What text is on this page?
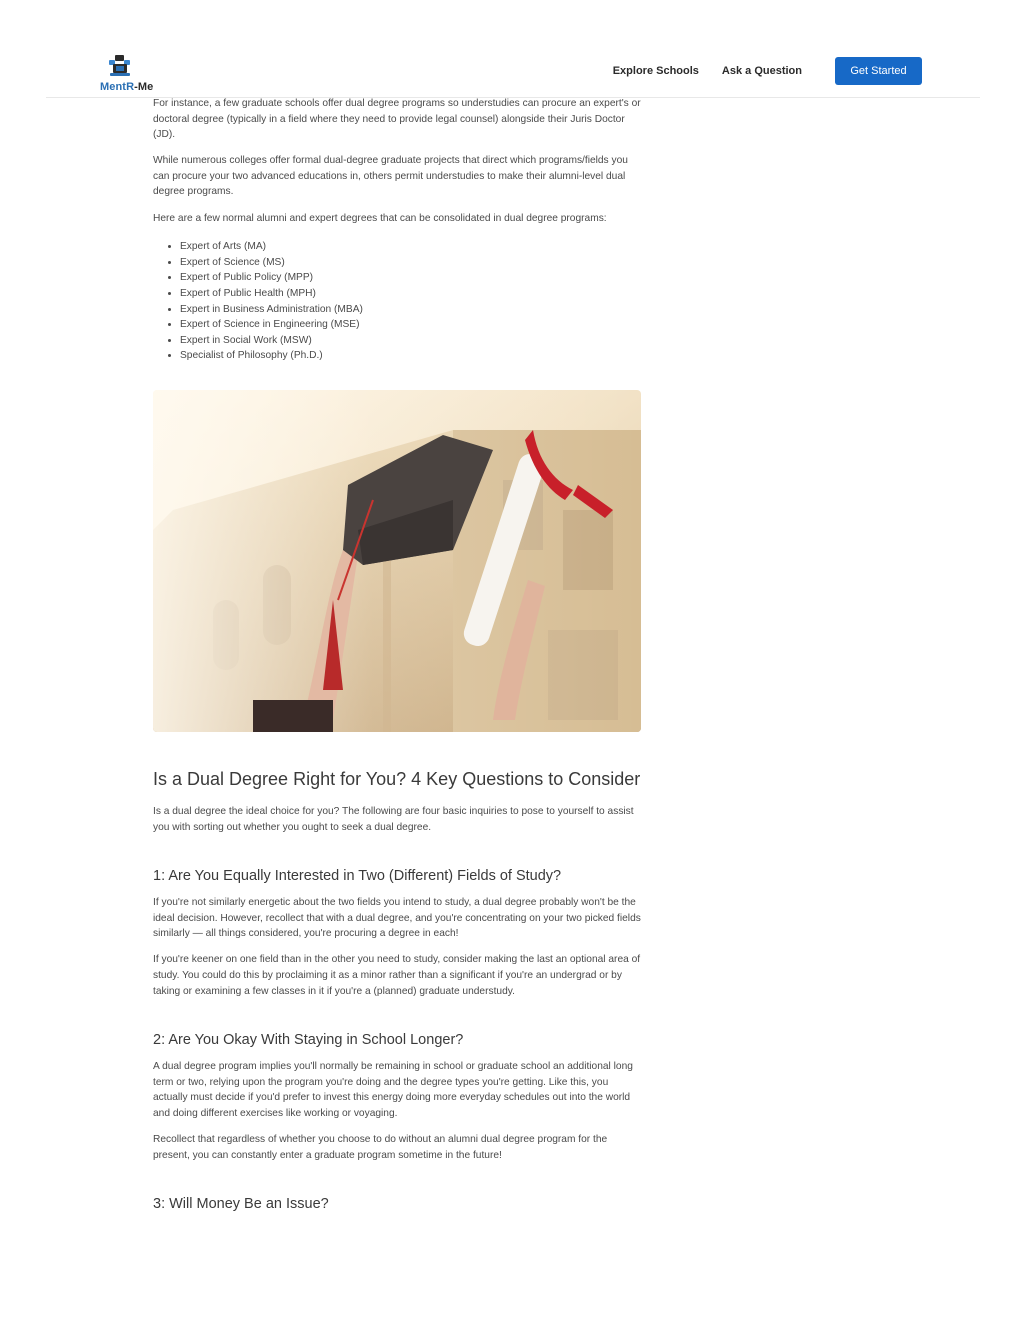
MentR-Me
Explore Schools Ask a Question	Get Started

For instance, a few graduate schools offer dual degree programs so understudies can procure an expert's or doctoral degree (typically in a field where they need to provide legal counsel) alongside their Juris Doctor (JD).

While numerous colleges offer formal dual-degree graduate projects that direct which programs/fields you can procure your two advanced educations in, others permit understudies to make their alumni-level dual degree programs.

Here are a few normal alumni and expert degrees that can be consolidated in dual degree programs:

• Expert of Arts (MA)
• Expert of Science (MS)
• Expert of Public Policy (MPP)
• Expert of Public Health (MPH)
• Expert in Business Administration (MBA)
• Expert of Science in Engineering (MSE)
• Expert in Social Work (MSW)
• Specialist of Philosophy (Ph.D.)
Is a Dual Degree Right for You? 4 Key Questions to Consider

Is a dual degree the ideal choice for you? The following are four basic inquiries to pose to yourself to assist you with sorting out whether you ought to seek a dual degree.

1: Are You Equally Interested in Two (Different) Fields of Study?

If you're not similarly energetic about the two fields you intend to study, a dual degree probably won't be the ideal decision. However, recollect that with a dual degree, and you're concentrating on your two picked fields similarly — all things considered, you're procuring a degree in each!

If you're keener on one field than in the other you need to study, consider making the last an optional area of study. You could do this by proclaiming it as a minor rather than a significant if you're an undergrad or by taking or examining a few classes in it if you're a (planned) graduate understudy.

2: Are You Okay With Staying in School Longer?

A dual degree program implies you'll normally be remaining in school or graduate school an additional long term or two, relying upon the program you're doing and the degree types you're getting. Like this, you actually must decide if you'd prefer to invest this energy doing more everyday schedules out into the world and doing different exercises like working or voyaging.

Recollect that regardless of whether you choose to do without an alumni dual degree program for the present, you can constantly enter a graduate program sometime in the future!

3: Will Money Be an Issue?
